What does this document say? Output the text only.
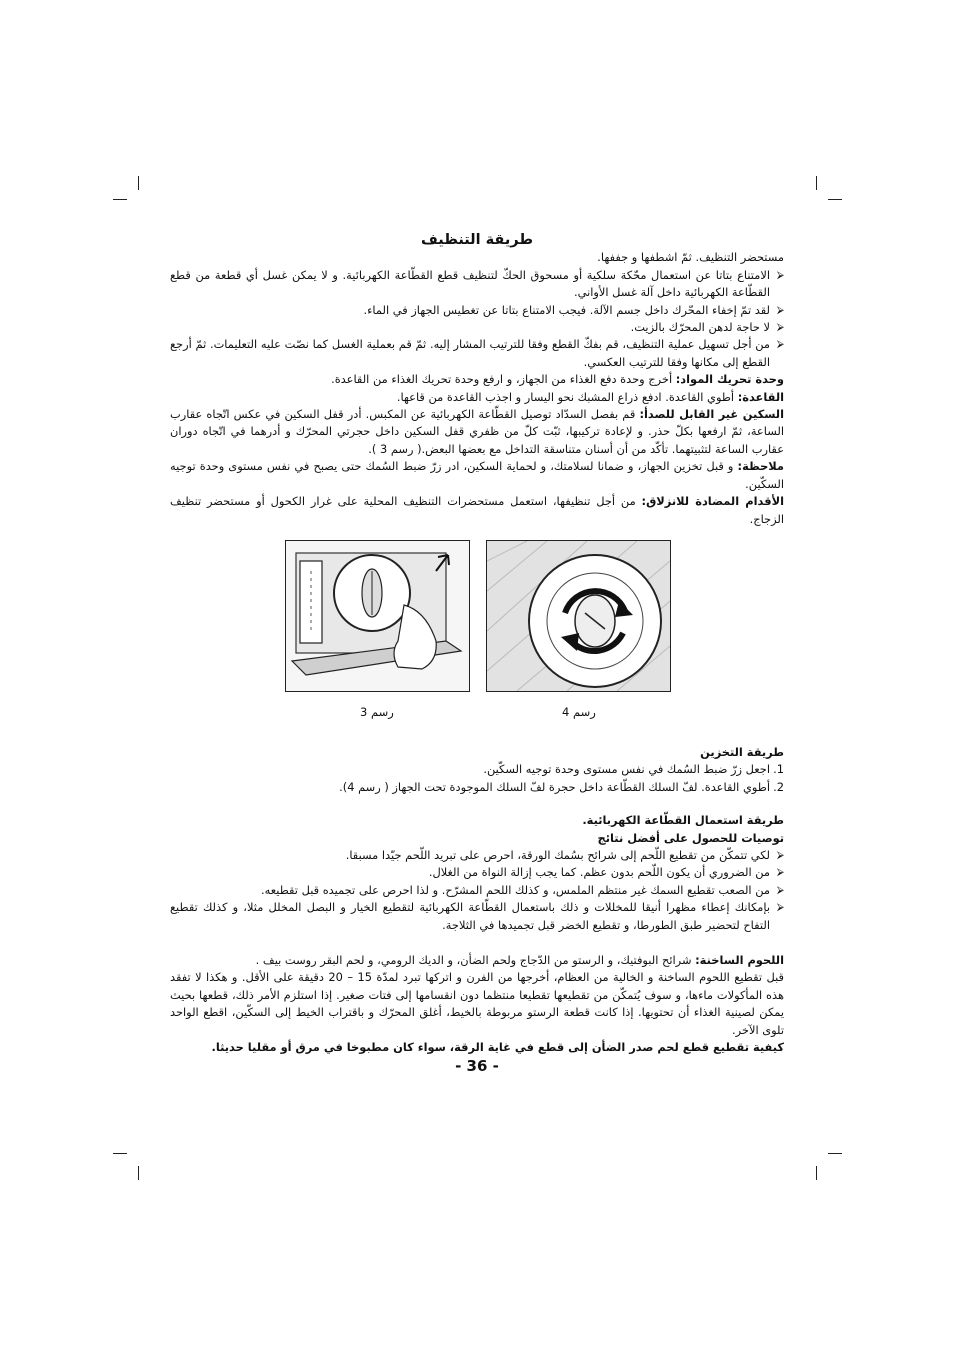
طريقة التنظيف

مستحضر التنظيف. ثمّ اشطفها و جففها.

⮚
الامتناع بتاتا عن استعمال محّكة سلكية أو مسحوق الحكّ لتنظيف قطع القطّاعة الكهربائية. و لا يمكن غسل أي قطعة من قطع القطّاعة الكهربائية داخل آلة غسل الأواني.
⮚
لقد تمّ إخفاء المحّرك داخل جسم الآلة. فيجب الامتناع بتاتا عن تغطيس الجهاز في الماء.
⮚
لا حاجة لدهن المحرّك بالزيت.
⮚
من أجل تسهيل عملية التنظيف، قم بفكّ القطع وفقا للترتيب المشار إليه. ثمّ قم بعملية الغسل كما نصّت عليه التعليمات. ثمّ أرجع القطع إلى مكانها وفقا للترتيب العكسي.

وحدة تحريك المواد: أخرج وحدة دفع الغذاء من الجهاز، و ارفع وحدة تحريك الغذاء من القاعدة.

القاعدة: أطوي القاعدة. ادفع ذراع المشبك نحو اليسار و اجذب القاعدة من قاعها.

السكين غير القابل للصدأ: قم بفصل السدّاد توصيل القطّاعة الكهربائية عن المكبس. أدر قفل السكين في عكس اتّجاه عقارب الساعة، ثمّ ارفعها بكلّ حذر. و لإعادة تركيبها، ثبّت كلّ من ظفري قفل السكين داخل حجرتي المحرّك و أدرهما في اتّجاه دوران عقارب الساعة لتثبيتهما. تأكّد من أن أسنان متناسقة التداخل مع بعضها البعض.( رسم 3 ).

ملاحظة: و قبل تخزين الجهاز، و ضمانا لسلامتك، و لحماية السكين، ادر زرّ ضبط السُمك حتى يصبح في نفس مستوى وحدة توجيه السكّين.

الأقدام المضادة للانزلاق: من أجل تنظيفها، استعمل مستحضرات التنظيف المحلية على غرار الكحول أو مستحضر تنظيف الزجاج.

رسم 3	رسم 4

طريقة التخزين

1.
اجعل زرّ ضبط السُمك في نفس مستوى وحدة توجيه السكّين.
2.
أطوي القاعدة. لفّ السلك القطّاعة داخل حجرة لفّ السلك الموجودة تحت الجهاز ( رسم 4).

طريقة استعمال القطّاعة الكهربائية.

توصيات للحصول على أفضل نتائج

⮚
لكي تتمكّن من تقطيع اللّحم إلى شرائح بسُمك الورقة، احرص على تبريد اللّحم جيّدا مسبقا.
⮚
من الضروري أن يكون اللّحم بدون عظم. كما يجب إزالة النواة من الغلال.
⮚
من الصعب تقطيع السمك غير منتظم الملمس، و كذلك اللحم المشرّح. و لذا احرص على تجميده قبل تقطيعه.
⮚
بإمكانك إعطاء مظهرا أنيقا للمخللات و ذلك باستعمال القطّاعة الكهربائية لتقطيع الخيار و البصل المخلل مثلا، و كذلك تقطيع التفاح لتحضير طبق الطورطا، و تقطيع الخضر قبل تجميدها في الثلاجة.

اللحوم الساخنة: شرائح البوفتيك، و الرستو من الدّجاج ولحم الضأن، و الديك الرومي، و لحم البقر روست بيف .

قبل تقطيع اللحوم الساخنة و الخالية من العظام، أخرجها من الفرن و اتركها تبرد لمدّة 15 – 20 دقيقة على الأقل. و هكذا لا تفقد هذه المأكولات ماءها، و سوف يُتمكّن من تقطيعها تقطيعا منتظما دون انقسامها إلى فتات صغير. إذا استلزم الأمر ذلك، قطعها بحيث يمكن لصينية الغذاء أن تحتويها. إذا كانت قطعة الرستو مربوطة بالخيط، أغلق المحرّك و باقتراب الخيط إلى السكّين، اقطع الواحد تلوى الآخر.

كيفية تقطيع قطع لحم صدر الضأن إلى قطع في غاية الرقة، سواء كان مطبوخا في مرق أو مقليا حديثا.

- 36 -
